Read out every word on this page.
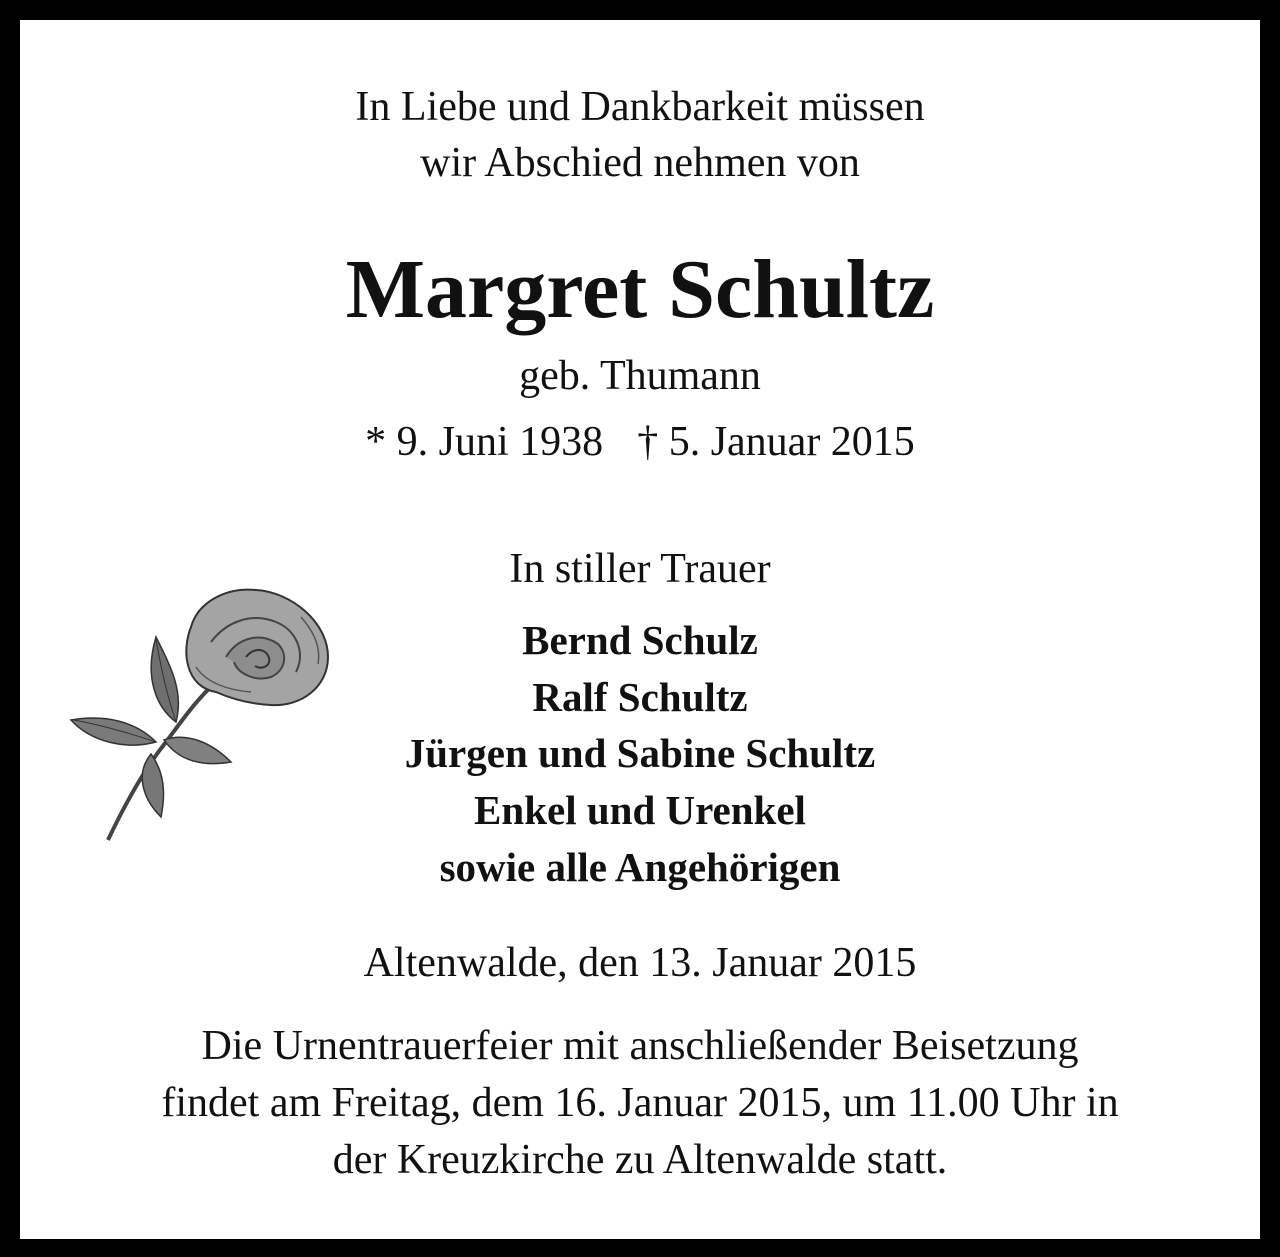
In Liebe und Dankbarkeit müssen
wir Abschied nehmen von
Margret Schultz
geb. Thumann
* 9. Juni 1938 † 5. Januar 2015
In stiller Trauer
Bernd Schulz
Ralf Schultz
Jürgen und Sabine Schultz
Enkel und Urenkel
sowie alle Angehörigen
Altenwalde, den 13. Januar 2015
Die Urnentrauerfeier mit anschließender Beisetzung
findet am Freitag, dem 16. Januar 2015, um 11.00 Uhr in
der Kreuzkirche zu Altenwalde statt.
